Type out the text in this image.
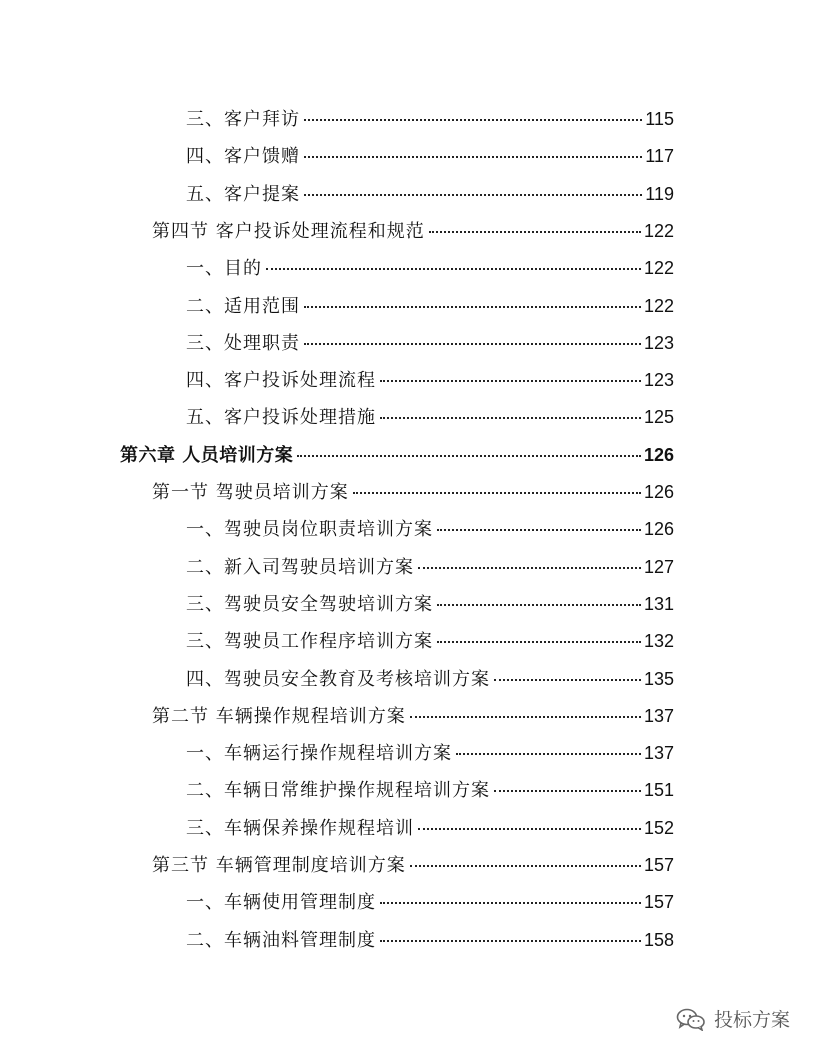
三、客户拜访	115
四、客户馈赠	117
五、客户提案	119
第四节 客户投诉处理流程和规范	122
一、目的	122
二、适用范围	122
三、处理职责	123
四、客户投诉处理流程	123
五、客户投诉处理措施	125
第六章 人员培训方案	126
第一节 驾驶员培训方案	126
一、驾驶员岗位职责培训方案	126
二、新入司驾驶员培训方案	127
三、驾驶员安全驾驶培训方案	131
三、驾驶员工作程序培训方案	132
四、驾驶员安全教育及考核培训方案	135
第二节 车辆操作规程培训方案	137
一、车辆运行操作规程培训方案	137
二、车辆日常维护操作规程培训方案	151
三、车辆保养操作规程培训	152
第三节 车辆管理制度培训方案	157
一、车辆使用管理制度	157
二、车辆油料管理制度	158
投标方案
